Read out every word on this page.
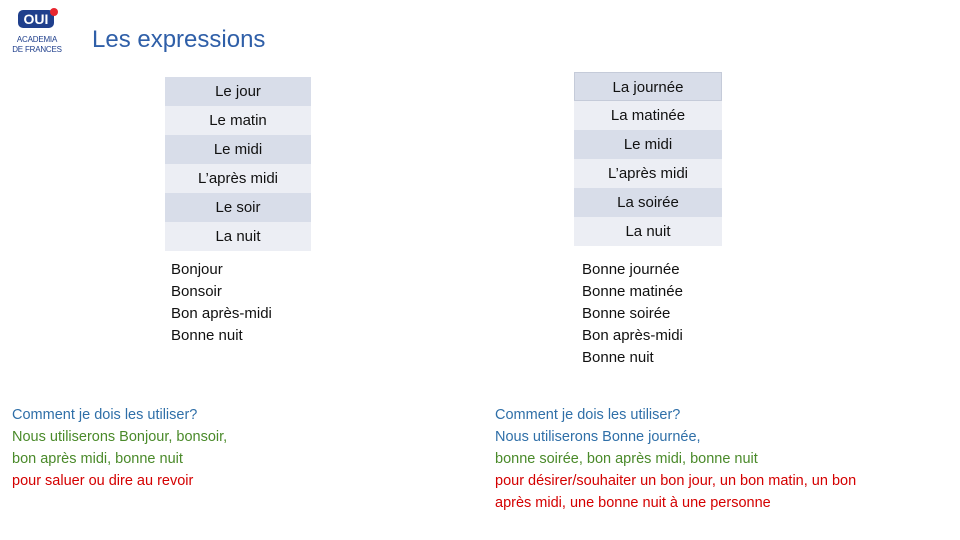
OUI
ACADEMIA
DE FRANCES Les expressions
Le jour
Le matin
Le midi
L’après midi
Le soir
La nuit
La journée
La matinée
Le midi
L’après midi
La soirée
La nuit
Bonjour
Bonsoir
Bon après-midi
Bonne nuit
Bonne journée
Bonne matinée
Bonne soirée
Bon après-midi
Bonne nuit
Comment je dois les utiliser?
Nous utiliserons Bonjour, bonsoir,
bon après midi, bonne nuit
pour saluer ou dire au revoir
Comment je dois les utiliser?
Nous utiliserons Bonne journée,
bonne soirée, bon après midi, bonne nuit
pour désirer/souhaiter un bon jour, un bon matin, un bon
après midi, une bonne nuit à une personne
